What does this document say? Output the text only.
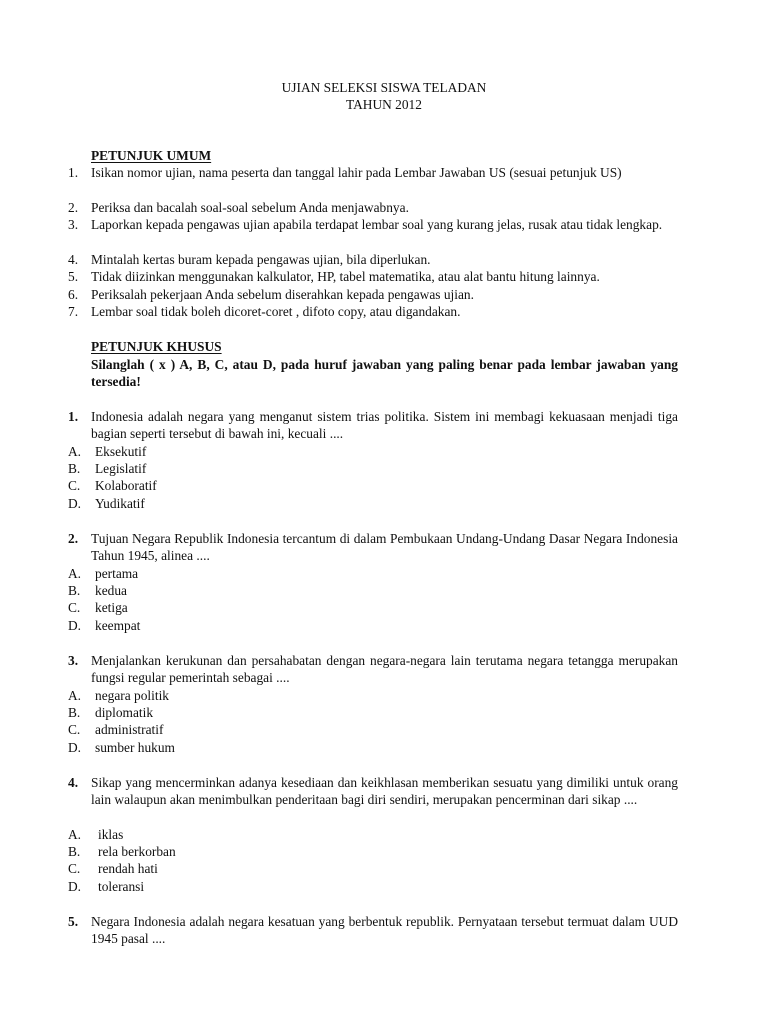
UJIAN SELEKSI SISWA TELADAN
TAHUN 2012
PETUNJUK UMUM
1. Isikan nomor ujian, nama peserta dan tanggal lahir pada Lembar Jawaban US (sesuai petunjuk US)
2. Periksa dan bacalah soal-soal sebelum Anda menjawabnya.
3. Laporkan kepada pengawas ujian apabila terdapat lembar soal yang kurang jelas, rusak atau tidak lengkap.
4. Mintalah kertas buram kepada pengawas ujian, bila diperlukan.
5. Tidak diizinkan menggunakan kalkulator, HP, tabel matematika, atau alat bantu hitung lainnya.
6. Periksalah pekerjaan Anda sebelum diserahkan kepada pengawas ujian.
7. Lembar soal tidak boleh dicoret-coret , difoto copy, atau digandakan.
PETUNJUK KHUSUS
Silanglah ( x ) A, B, C, atau D, pada huruf jawaban yang paling benar pada lembar jawaban yang tersedia!
1. Indonesia adalah negara yang menganut sistem trias politika. Sistem ini membagi kekuasaan menjadi tiga bagian seperti tersebut di bawah ini, kecuali ....
A. Eksekutif
B. Legislatif
C. Kolaboratif
D. Yudikatif
2. Tujuan Negara Republik Indonesia tercantum di dalam Pembukaan Undang-Undang Dasar Negara Indonesia Tahun 1945, alinea ....
A. pertama
B. kedua
C. ketiga
D. keempat
3. Menjalankan kerukunan dan persahabatan dengan negara-negara lain terutama negara tetangga merupakan fungsi regular pemerintah sebagai ....
A. negara politik
B. diplomatik
C. administratif
D. sumber hukum
4. Sikap yang mencerminkan adanya kesediaan dan keikhlasan memberikan sesuatu yang dimiliki untuk orang lain walaupun akan menimbulkan penderitaan bagi diri sendiri, merupakan pencerminan dari sikap ....
A. iklas
B. rela berkorban
C. rendah hati
D. toleransi
5. Negara Indonesia adalah negara kesatuan yang berbentuk republik. Pernyataan tersebut termuat dalam UUD 1945 pasal ....
